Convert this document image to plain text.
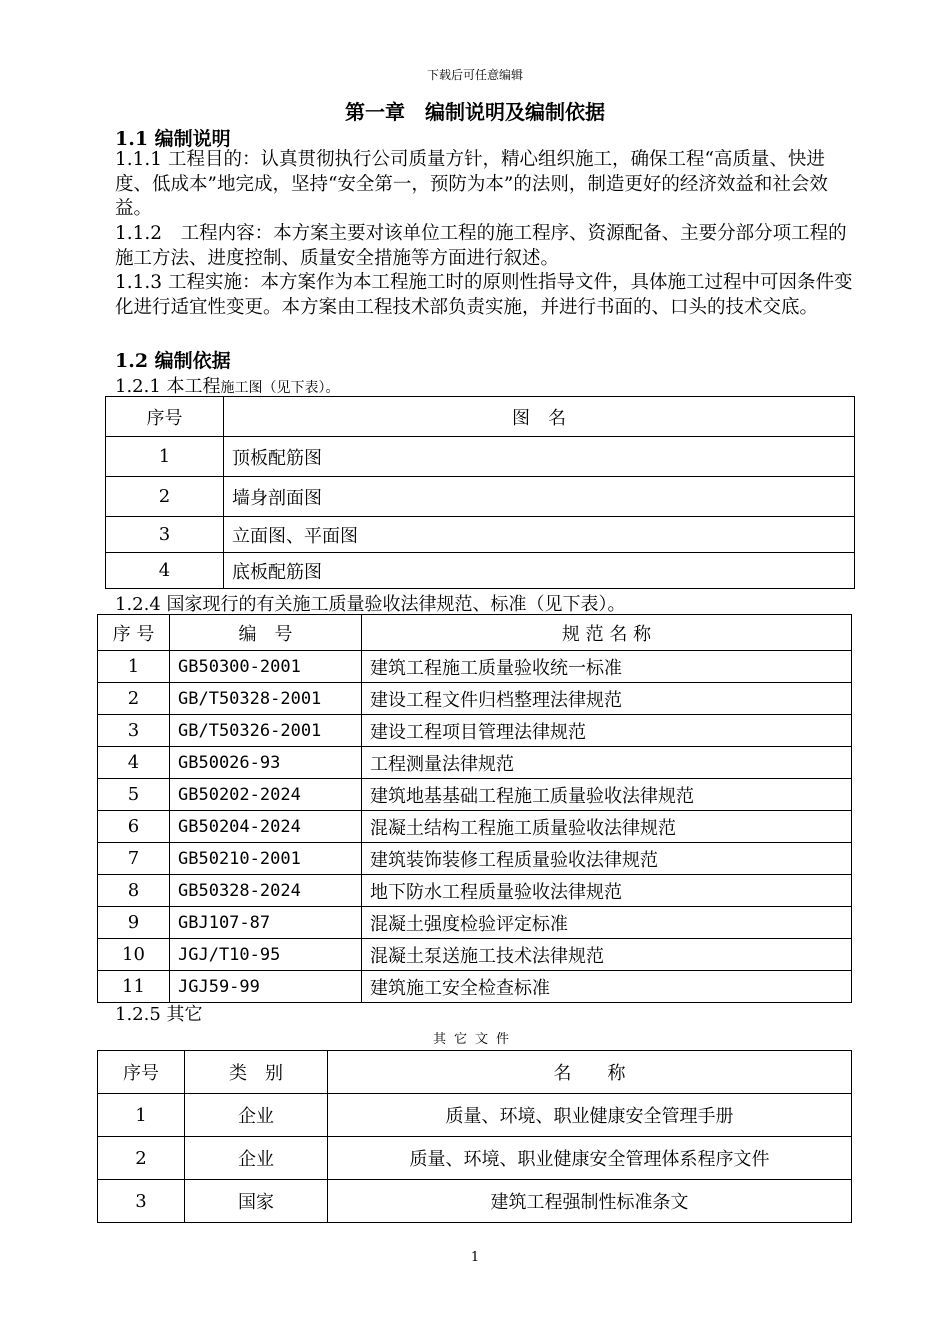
下载后可任意编辑
第一章　编制说明及编制依据
1.1 编制说明
1.1.1 工程目的：认真贯彻执行公司质量方针，精心组织施工，确保工程“高质量、快进度、低成本”地完成，坚持“安全第一，预防为本”的法则，制造更好的经济效益和社会效益。
1.1.2　工程内容：本方案主要对该单位工程的施工程序、资源配备、主要分部分项工程的施工方法、进度控制、质量安全措施等方面进行叙述。
1.1.3 工程实施：本方案作为本工程施工时的原则性指导文件，具体施工过程中可因条件变化进行适宜性变更。本方案由工程技术部负责实施，并进行书面的、口头的技术交底。
1.2 编制依据
1.2.1 本工程施工图（见下表）。
序号	图　名
1	顶板配筋图
2	墙身剖面图
3	立面图、平面图
4	底板配筋图
1.2.4 国家现行的有关施工质量验收法律规范、标准（见下表）。
序 号	编　号	规 范 名 称
1	GB50300-2001	建筑工程施工质量验收统一标准
2	GB/T50328-2001	建设工程文件归档整理法律规范
3	GB/T50326-2001	建设工程项目管理法律规范
4	GB50026-93	工程测量法律规范
5	GB50202-2024	建筑地基基础工程施工质量验收法律规范
6	GB50204-2024	混凝土结构工程施工质量验收法律规范
7	GB50210-2001	建筑装饰装修工程质量验收法律规范
8	GB50328-2024	地下防水工程质量验收法律规范
9	GBJ107-87	混凝土强度检验评定标准
10	JGJ/T10-95	混凝土泵送施工技术法律规范
11	JGJ59-99	建筑施工安全检查标准
1.2.5 其它
其它文件
序号	类　别	名　　称
1	企业	质量、环境、职业健康安全管理手册
2	企业	质量、环境、职业健康安全管理体系程序文件
3	国家	建筑工程强制性标准条文
1
